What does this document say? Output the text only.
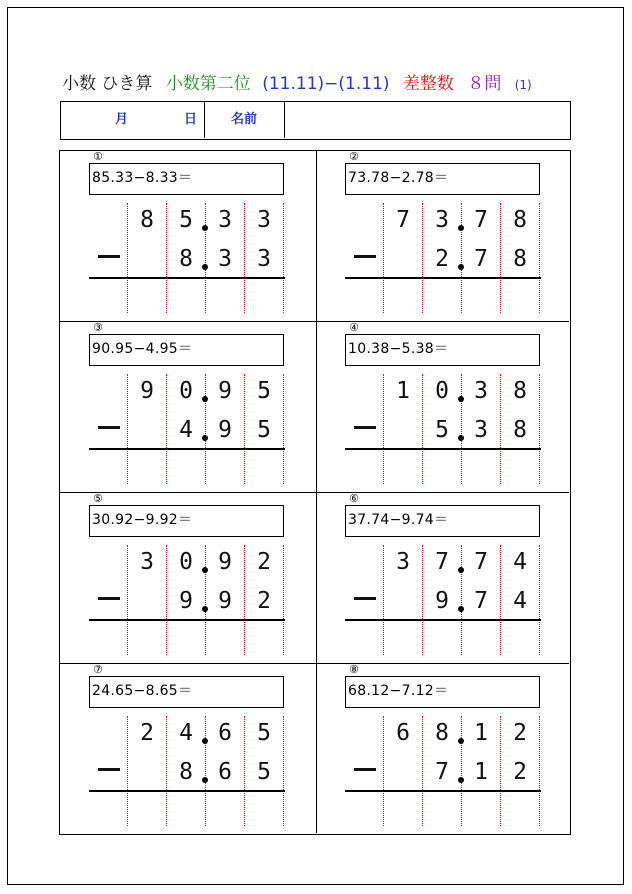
小数 ひき算 小数第二位 (11.11)−(1.11) 差整数 ８問 (1)
月	日	名前
①
85.33−8.33＝
8 5 3 3
8 3 3
②
73.78−2.78＝
7 3 7 8
2 7 8
③
90.95−4.95＝
9 0 9 5
4 9 5
④
10.38−5.38＝
1 0 3 8
5 3 8
⑤
30.92−9.92＝
3 0 9 2
9 9 2
⑥
37.74−9.74＝
3 7 7 4
9 7 4
⑦
24.65−8.65＝
2 4 6 5
8 6 5
⑧
68.12−7.12＝
6 8 1 2
7 1 2
